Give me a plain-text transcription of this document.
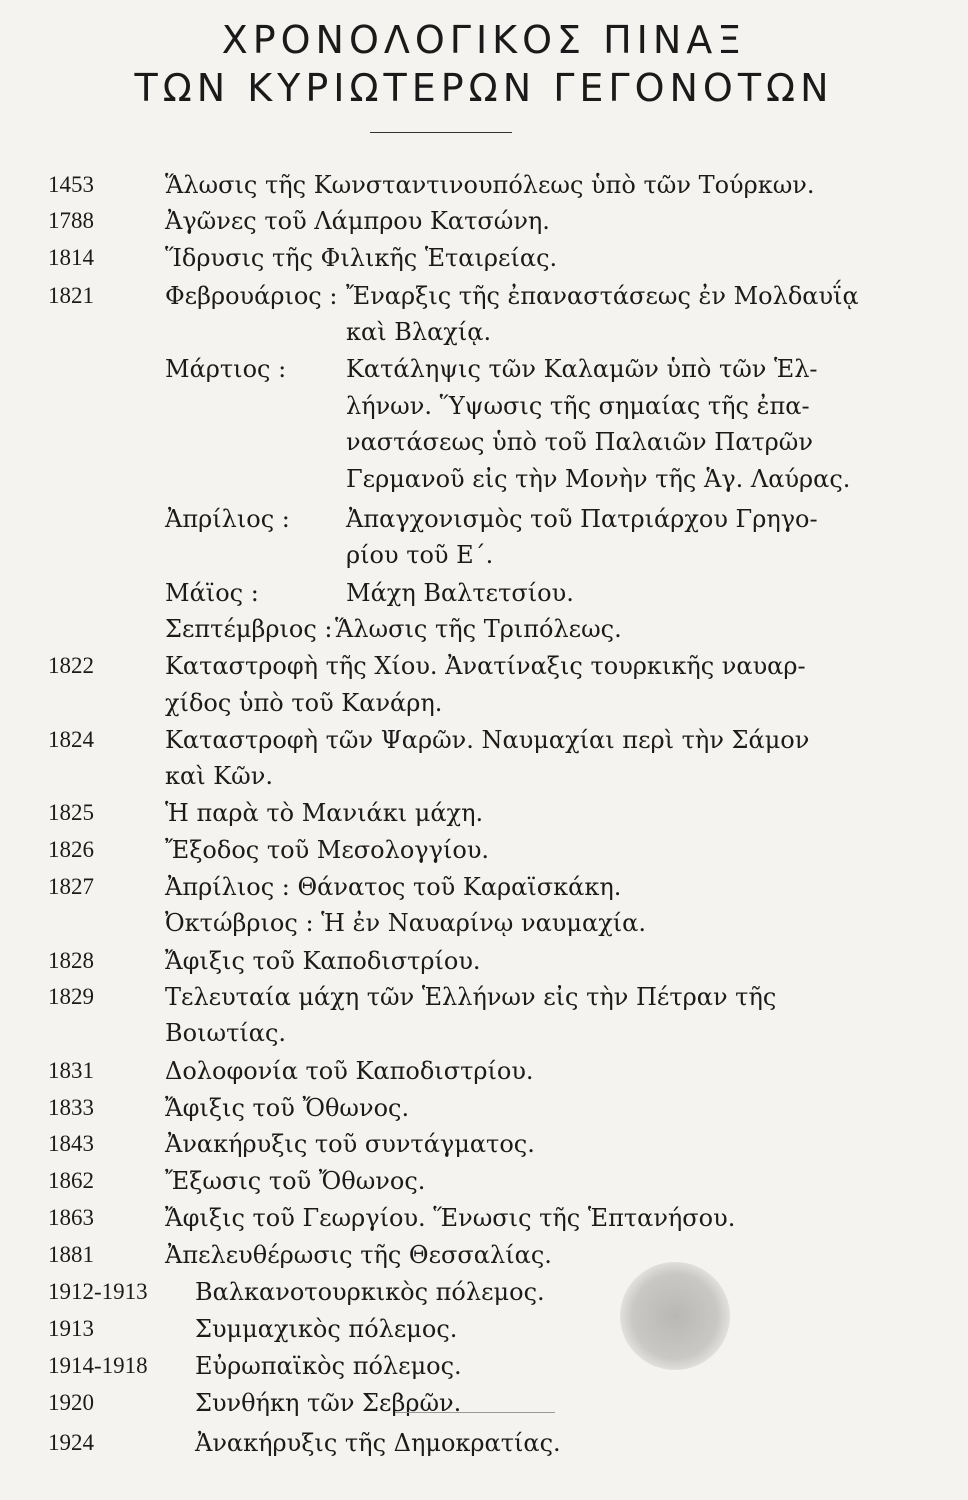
ΧΡΟΝΟΛΟΓΙΚΟΣ ΠΙΝΑΞ
ΤΩΝ ΚΥΡΙΩΤΕΡΩΝ ΓΕΓΟΝΟΤΩΝ
1453	Ἅλωσις τῆς Κωνσταντινουπόλεως ὑπὸ τῶν Τούρκων.
1788	Ἀγῶνες τοῦ Λάμπρου Κατσώνη.
1814	Ἵδρυσις τῆς Φιλικῆς Ἑταιρείας.
1821	Φεβρουάριος : Ἔναρξις τῆς ἐπαναστάσεως ἐν Μολδαυΐᾳ
καὶ Βλαχίᾳ.
Μάρτιος : Κατάληψις τῶν Καλαμῶν ὑπὸ τῶν Ἑλ-
λήνων. Ὕψωσις τῆς σημαίας τῆς ἐπα-
ναστάσεως ὑπὸ τοῦ Παλαιῶν Πατρῶν
Γερμανοῦ εἰς τὴν Μονὴν τῆς Ἁγ. Λαύρας.
Ἀπρίλιος : Ἀπαγχονισμὸς τοῦ Πατριάρχου Γρηγο-
ρίου τοῦ Ε΄.
Μάϊος :	Μάχη Βαλτετσίου.
Σεπτέμβριος : Ἅλωσις τῆς Τριπόλεως.
1822	Καταστροφὴ τῆς Χίου. Ἀνατίναξις τουρκικῆς ναυαρ-
χίδος ὑπὸ τοῦ Κανάρη.
1824	Καταστροφὴ τῶν Ψαρῶν. Ναυμαχίαι περὶ τὴν Σάμον
καὶ Κῶν.
1825	Ἡ παρὰ τὸ Μανιάκι μάχη.
1826	Ἔξοδος τοῦ Μεσολογγίου.
1827	Ἀπρίλιος : Θάνατος τοῦ Καραϊσκάκη.
Ὀκτώβριος : Ἡ ἐν Ναυαρίνῳ ναυμαχία.
1828	Ἄφιξις τοῦ Καποδιστρίου.
1829	Τελευταία μάχη τῶν Ἑλλήνων εἰς τὴν Πέτραν τῆς
Βοιωτίας.
1831	Δολοφονία τοῦ Καποδιστρίου.
1833	Ἄφιξις τοῦ Ὄθωνος.
1843	Ἀνακήρυξις τοῦ συντάγματος.
1862	Ἔξωσις τοῦ Ὄθωνος.
1863	Ἄφιξις τοῦ Γεωργίου. Ἕνωσις τῆς Ἑπτανήσου.
1881	Ἀπελευθέρωσις τῆς Θεσσαλίας.
1912-1913 Βαλκανοτουρκικὸς πόλεμος.
1913	Συμμαχικὸς πόλεμος.
1914-1918 Εὐρωπαϊκὸς πόλεμος.
1920	Συνθήκη τῶν Σεβρῶν.
1924	Ἀνακήρυξις τῆς Δημοκρατίας.
